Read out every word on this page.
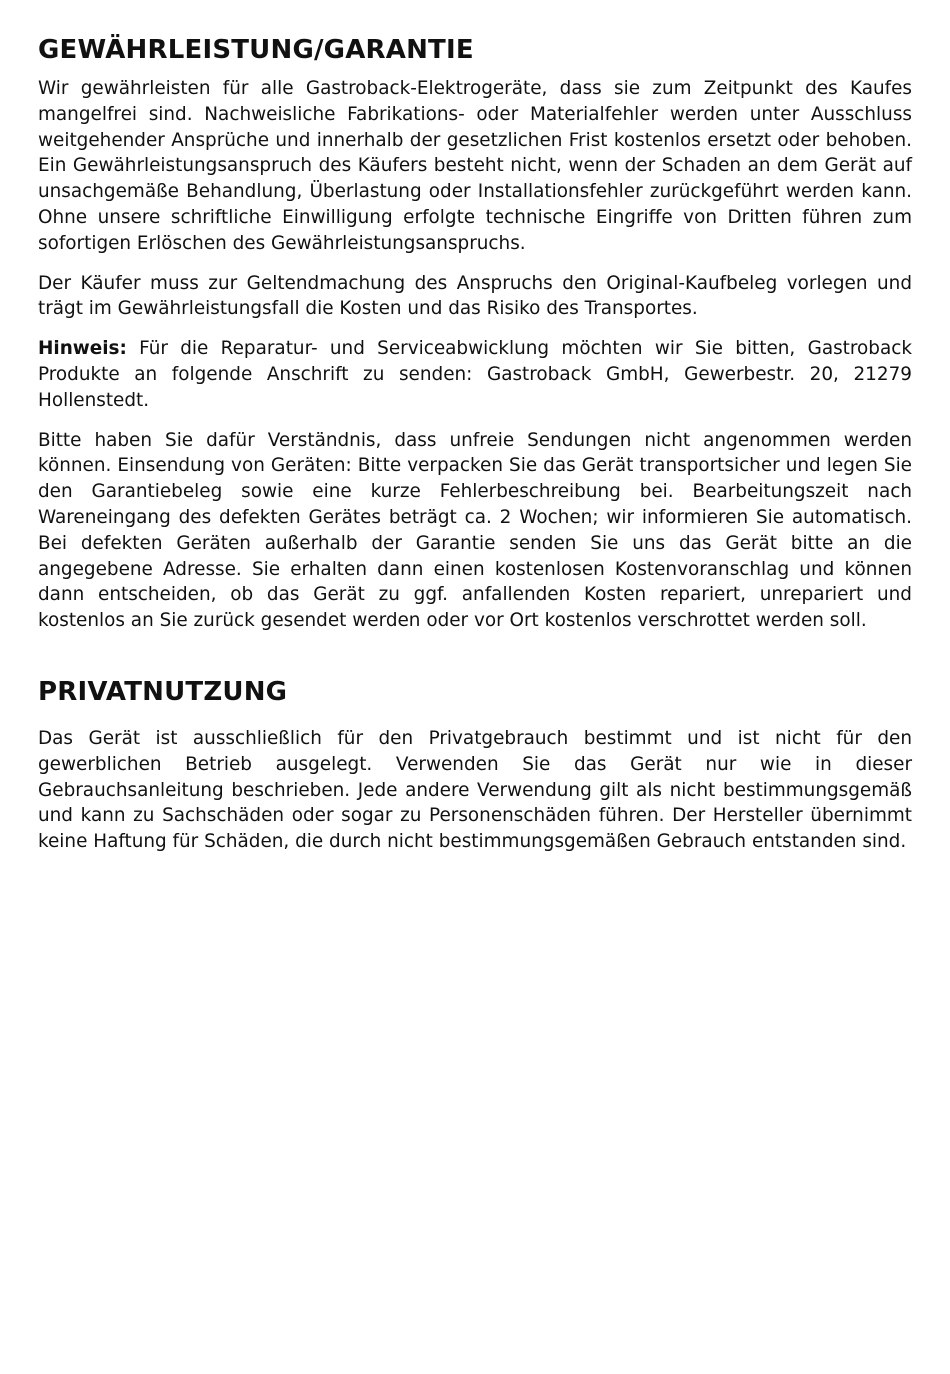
GEWÄHRLEISTUNG/GARANTIE

Wir gewährleisten für alle Gastroback-Elektrogeräte, dass sie zum Zeitpunkt des Kaufes mangelfrei sind. Nachweisliche Fabrikations- oder Materialfehler werden unter Ausschluss weitgehender Ansprüche und innerhalb der gesetzlichen Frist kostenlos ersetzt oder behoben. Ein Gewährleistungsanspruch des Käufers besteht nicht, wenn der Schaden an dem Gerät auf unsachgemäße Behandlung, Überlastung oder Installationsfehler zurückgeführt werden kann. Ohne unsere schriftliche Einwilligung erfolgte technische Eingriffe von Dritten führen zum sofortigen Erlöschen des Gewährleistungsanspruchs.

Der Käufer muss zur Geltendmachung des Anspruchs den Original-Kaufbeleg vorlegen und trägt im Gewährleistungsfall die Kosten und das Risiko des Transportes.

Hinweis: Für die Reparatur- und Serviceabwicklung möchten wir Sie bitten, Gastroback Produkte an folgende Anschrift zu senden: Gastroback GmbH, Gewerbestr. 20, 21279 Hollenstedt.

Bitte haben Sie dafür Verständnis, dass unfreie Sendungen nicht angenommen werden können. Einsendung von Geräten: Bitte verpacken Sie das Gerät transportsicher und legen Sie den Garantiebeleg sowie eine kurze Fehlerbeschreibung bei. Bearbeitungszeit nach Wareneingang des defekten Gerätes beträgt ca. 2 Wochen; wir informieren Sie automatisch. Bei defekten Geräten außerhalb der Garantie senden Sie uns das Gerät bitte an die angegebene Adresse. Sie erhalten dann einen kostenlosen Kostenvoranschlag und können dann entscheiden, ob das Gerät zu ggf. anfallenden Kosten repariert, unrepariert und kostenlos an Sie zurück gesendet werden oder vor Ort kostenlos verschrottet werden soll.

PRIVATNUTZUNG

Das Gerät ist ausschließlich für den Privatgebrauch bestimmt und ist nicht für den gewerblichen Betrieb ausgelegt. Verwenden Sie das Gerät nur wie in dieser Gebrauchsanleitung beschrieben. Jede andere Verwendung gilt als nicht bestimmungsgemäß und kann zu Sachschäden oder sogar zu Personenschäden führen. Der Hersteller übernimmt keine Haftung für Schäden, die durch nicht bestimmungsgemäßen Gebrauch entstanden sind.
